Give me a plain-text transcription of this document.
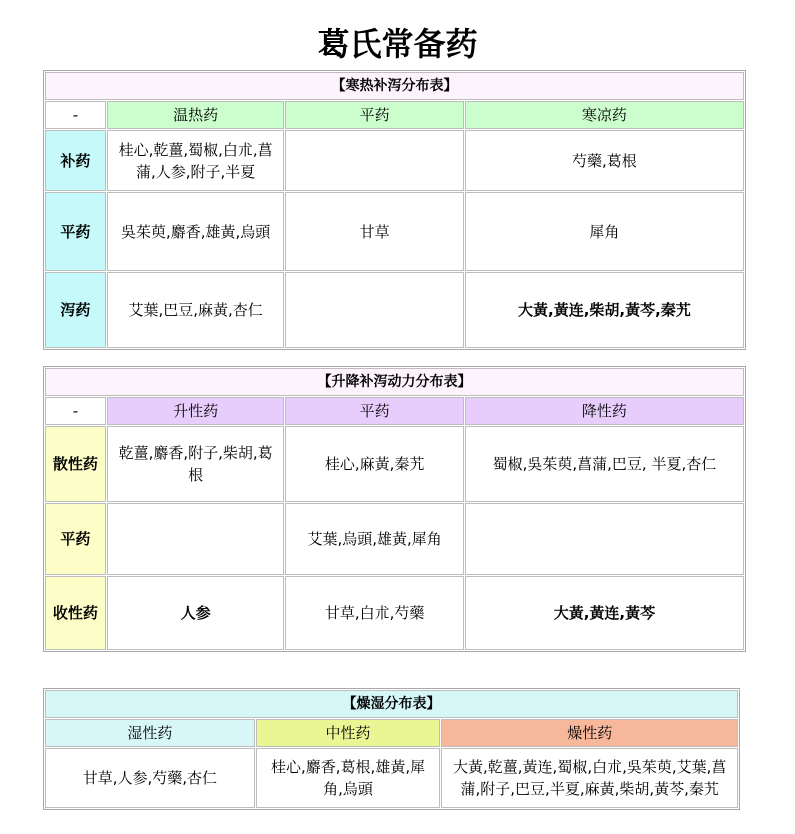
葛氏常备药
【寒热补泻分布表】			
-	温热药	平药	寒凉药
补药	桂心,乾薑,蜀椒,白朮,菖蒲,人参,附子,半夏		芍藥,葛根
平药	吳茱萸,麝香,雄黃,烏頭	甘草	犀角
泻药	艾葉,巴豆,麻黃,杏仁		大黃,黃连,柴胡,黃芩,秦艽
【升降补泻动力分布表】			
-	升性药	平药	降性药
散性药	乾薑,麝香,附子,柴胡,葛根	桂心,麻黃,秦艽	蜀椒,吳茱萸,菖蒲,巴豆, 半夏,杏仁
平药		艾葉,烏頭,雄黃,犀角	
收性药	人参	甘草,白朮,芍藥	大黃,黃连,黃芩
【燥湿分布表】		
湿性药	中性药	燥性药
甘草,人参,芍藥,杏仁	桂心,麝香,葛根,雄黃,犀角,烏頭	大黃,乾薑,黃连,蜀椒,白朮,吳茱萸,艾葉,菖蒲,附子,巴豆,半夏,麻黃,柴胡,黃芩,秦艽
